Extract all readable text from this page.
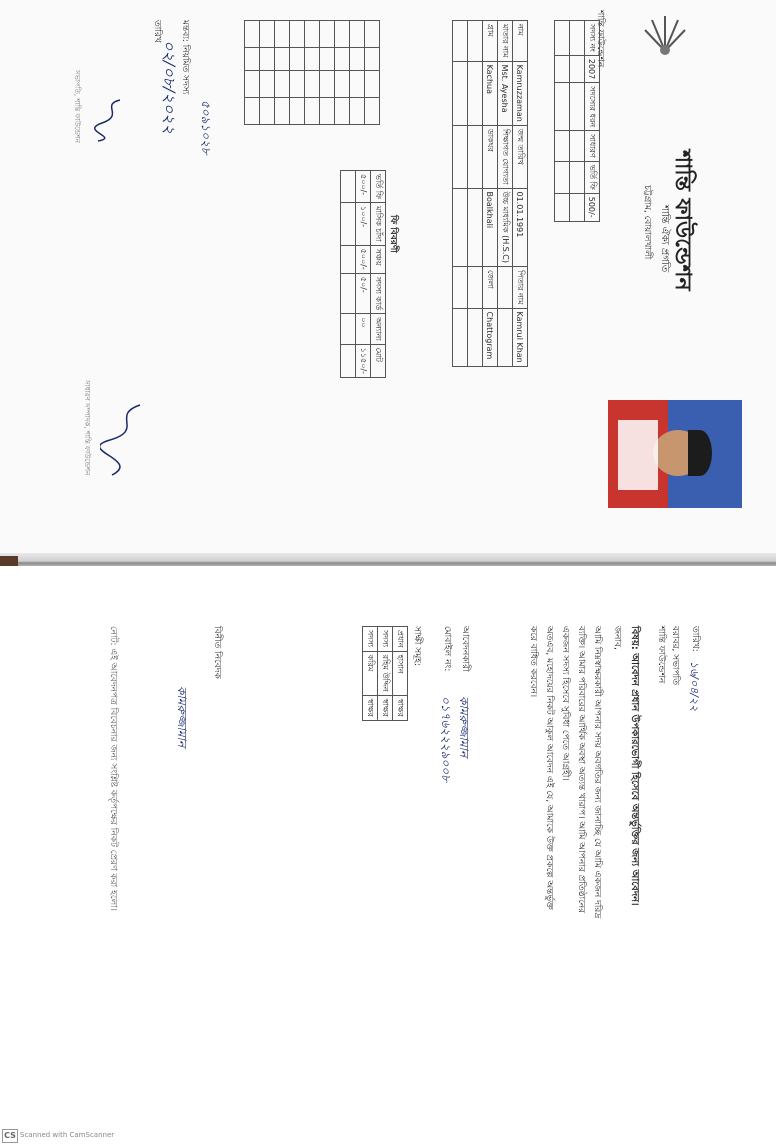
শান্তি ফাউন্ডেশন
শান্তি ফাউন্ডেশন
শান্তি ঐক্য প্রগতি
চট্টগ্রাম, বোয়ালখালী
সদস্য নং	2007	সদস্যের ধরন	সাধারণ	ভর্তি ফি	500/-

নাম	Kamruzzaman	জন্ম তারিখ	01.01.1991	পিতার নাম	Kamrul Khan
মাতার নাম	Mst. Ayesha	শিক্ষাগত যোগ্যতা	উচ্চ মাধ্যমিক (H.S.C)		
গ্রাম	Kachua	ডাকঘর	Boalkhali	জেলা	Chattogram

ফি বিবরণী
ভর্তি ফি	মাসিক চাঁদা	সঞ্চয়	সদস্য কার্ড	অন্যান্য	মোট
৫০০/-	১০০/-	৫০০/-	৫০/-	০০	১১৫০/-

মন্তব্য: নিয়মিত সদস্য
৫০৯১০২৮
তারিখ
০২/০৮/২০২২
সভাপতি, শান্তি ফাউন্ডেশন
সাধারণ সম্পাদক, শান্তি ফাউন্ডেশন
তারিখ:
১৬/০৪/২২
বরাবর, সভাপতি
শান্তি ফাউন্ডেশন
বিষয়: আবেদন প্রধান উপকারভোগী হিসেবে অন্তর্ভুক্তির জন্য আবেদন।
জনাব,
আমি নিম্নস্বাক্ষরকারী আপনার সদয় অবগতির জন্য জানাচ্ছি যে আমি একজন দরিদ্র
ব্যক্তি। আমার পরিবারের আর্থিক অবস্থা অত্যন্ত খারাপ। আমি আপনার প্রতিষ্ঠানের
একজন সদস্য হিসেবে সুবিধা পেতে আগ্রহী।
অতএব, মহোদয়ের নিকট আকুল আবেদন এই যে, আমাকে উক্ত প্রকল্পে অন্তর্ভুক্ত
করে বাধিত করবেন।
আবেদনকারী
কামরুজ্জামান
মোবাইল নং:
০১৭৬২২২৯০০৮
সাক্ষী সমূহ:
প্রধান	হাসান	স্বাক্ষর
সদস্য	রহিম উদ্দিন	স্বাক্ষর
সদস্য	করিম	স্বাক্ষর
বিনীত নিবেদক
কামরুজ্জামান
নোট: এই আবেদনপত্র বিবেচনার জন্য সংশ্লিষ্ট কর্তৃপক্ষের নিকট প্রেরণ করা হলো।
CS Scanned with CamScanner
